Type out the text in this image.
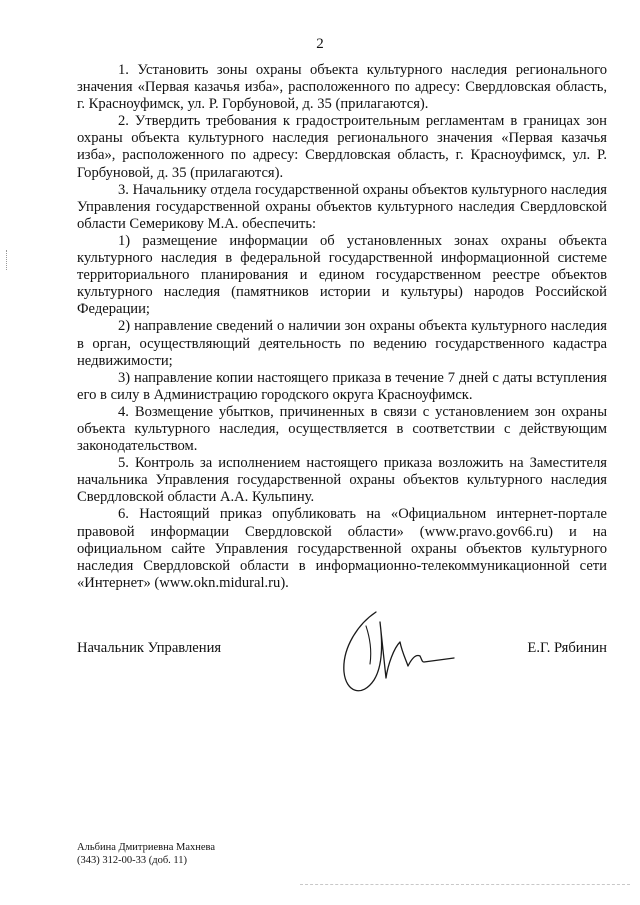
2

1. Установить зоны охраны объекта культурного наследия регионального значения «Первая казачья изба», расположенного по адресу: Свердловская область, г. Красноуфимск, ул. Р. Горбуновой, д. 35 (прилагаются).

2. Утвердить требования к градостроительным регламентам в границах зон охраны объекта культурного наследия регионального значения «Первая казачья изба», расположенного по адресу: Свердловская область, г. Красноуфимск, ул. Р. Горбуновой, д. 35 (прилагаются).

3. Начальнику отдела государственной охраны объектов культурного наследия Управления государственной охраны объектов культурного наследия Свердловской области Семерикову М.А. обеспечить:

1) размещение информации об установленных зонах охраны объекта культурного наследия в федеральной государственной информационной системе территориального планирования и едином государственном реестре объектов культурного наследия (памятников истории и культуры) народов Российской Федерации;

2) направление сведений о наличии зон охраны объекта культурного наследия в орган, осуществляющий деятельность по ведению государственного кадастра недвижимости;

3) направление копии настоящего приказа в течение 7 дней с даты вступления его в силу в Администрацию городского округа Красноуфимск.

4. Возмещение убытков, причиненных в связи с установлением зон охраны объекта культурного наследия, осуществляется в соответствии с действующим законодательством.

5. Контроль за исполнением настоящего приказа возложить на Заместителя начальника Управления государственной охраны объектов культурного наследия Свердловской области А.А. Кульпину.

6. Настоящий приказ опубликовать на «Официальном интернет-портале правовой информации Свердловской области» (www.pravo.gov66.ru) и на официальном сайте Управления государственной охраны объектов культурного наследия Свердловской области в информационно-телекоммуникационной сети «Интернет» (www.okn.midural.ru).

Начальник Управления	Е.Г. Рябинин
Альбина Дмитриевна Махнева
(343) 312-00-33 (доб. 11)
